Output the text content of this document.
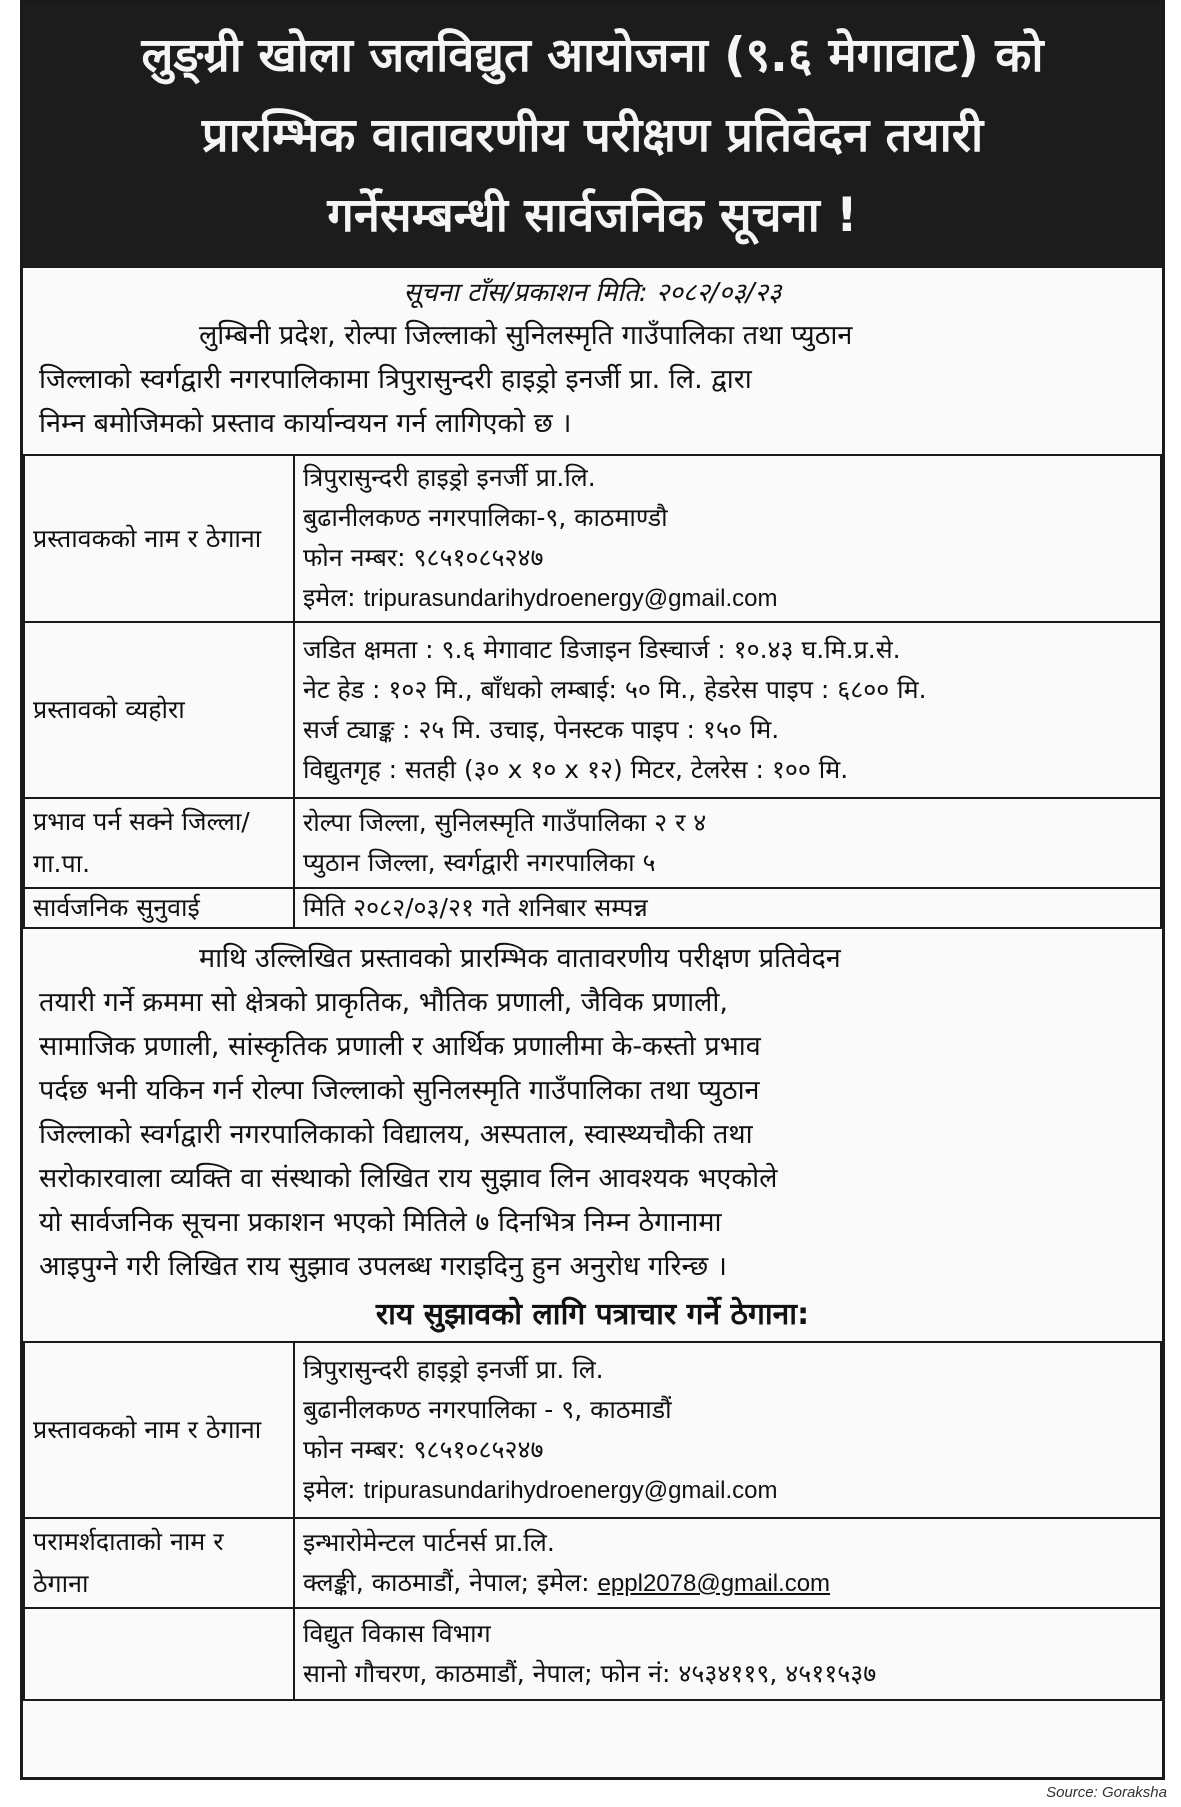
लुङ्ग्री खोला जलविद्युत आयोजना (९.६ मेगावाट) को
प्रारम्भिक वातावरणीय परीक्षण प्रतिवेदन तयारी
गर्नेसम्बन्धी सार्वजनिक सूचना !
सूचना टाँस/प्रकाशन मिति: २०८२/०३/२३
लुम्बिनी प्रदेश, रोल्पा जिल्लाको सुनिलस्मृति गाउँपालिका तथा प्युठान
जिल्लाको स्वर्गद्वारी नगरपालिकामा त्रिपुरासुन्दरी हाइड्रो इनर्जी प्रा. लि. द्वारा
निम्न बमोजिमको प्रस्ताव कार्यान्वयन गर्न लागिएको छ ।
प्रस्तावकको नाम र ठेगाना	त्रिपुरासुन्दरी हाइड्रो इनर्जी प्रा.लि.
बुढानीलकण्ठ नगरपालिका-९, काठमाण्डौ
फोन नम्बर: ९८५१०८५२४७
इमेल: tripurasundarihydroenergy@gmail.com

प्रस्तावको व्यहोरा	जडित क्षमता : ९.६ मेगावाट डिजाइन डिस्चार्ज : १०.४३ घ.मि.प्र.से.
नेट हेड : १०२ मि., बाँधको लम्बाई: ५० मि., हेडरेस पाइप : ६८०० मि.
सर्ज ट्याङ्क : २५ मि. उचाइ, पेनस्टक पाइप : १५० मि.
विद्युतगृह : सतही (३० x १० x १२) मिटर, टेलरेस : १०० मि.

प्रभाव पर्न सक्ने जिल्ला/गा.पा.	रोल्पा जिल्ला, सुनिलस्मृति गाउँपालिका २ र ४
प्युठान जिल्ला, स्वर्गद्वारी नगरपालिका ५

सार्वजनिक सुनुवाई	मिति २०८२/०३/२१ गते शनिबार सम्पन्न
माथि उल्लिखित प्रस्तावको प्रारम्भिक वातावरणीय परीक्षण प्रतिवेदन
तयारी गर्ने क्रममा सो क्षेत्रको प्राकृतिक, भौतिक प्रणाली, जैविक प्रणाली,
सामाजिक प्रणाली, सांस्कृतिक प्रणाली र आर्थिक प्रणालीमा के-कस्तो प्रभाव
पर्दछ भनी यकिन गर्न रोल्पा जिल्लाको सुनिलस्मृति गाउँपालिका तथा प्युठान
जिल्लाको स्वर्गद्वारी नगरपालिकाको विद्यालय, अस्पताल, स्वास्थ्यचौकी तथा
सरोकारवाला व्यक्ति वा संस्थाको लिखित राय सुझाव लिन आवश्यक भएकोले
यो सार्वजनिक सूचना प्रकाशन भएको मितिले ७ दिनभित्र निम्न ठेगानामा
आइपुग्ने गरी लिखित राय सुझाव उपलब्ध गराइदिनु हुन अनुरोध गरिन्छ ।
राय सुझावको लागि पत्राचार गर्ने ठेगाना:
प्रस्तावकको नाम र ठेगाना	त्रिपुरासुन्दरी हाइड्रो इनर्जी प्रा. लि.
बुढानीलकण्ठ नगरपालिका - ९, काठमाडौं
फोन नम्बर: ९८५१०८५२४७
इमेल: tripurasundarihydroenergy@gmail.com

परामर्शदाताको नाम र ठेगाना	इन्भारोमेन्टल पार्टनर्स प्रा.लि.
क्लङ्की, काठमाडौं, नेपाल; इमेल: eppl2078@gmail.com

	विद्युत विकास विभाग
सानो गौचरण, काठमाडौं, नेपाल; फोन नं: ४५३४११९, ४५११५३७
Source: Goraksha
